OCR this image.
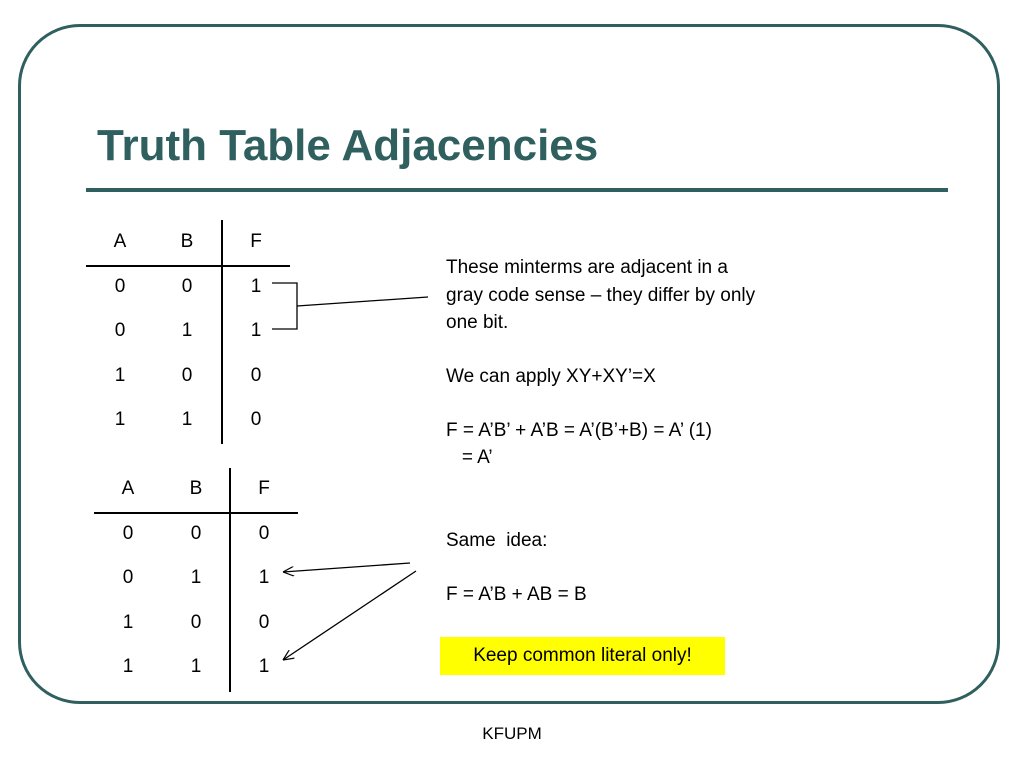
Truth Table Adjacencies
A	B	F
0	0	1
0	1	1
1	0	0
1	1	0
A	B	F
0	0	0
0	1	1
1	0	0
1	1	1
These minterms are adjacent in a
gray code sense – they differ by only
one bit.
We can apply XY+XY’=X
F = A’B’ + A’B = A’(B’+B) = A’ (1)
= A’
Same  idea:
F = A’B + AB = B
Keep common literal only!
KFUPM
